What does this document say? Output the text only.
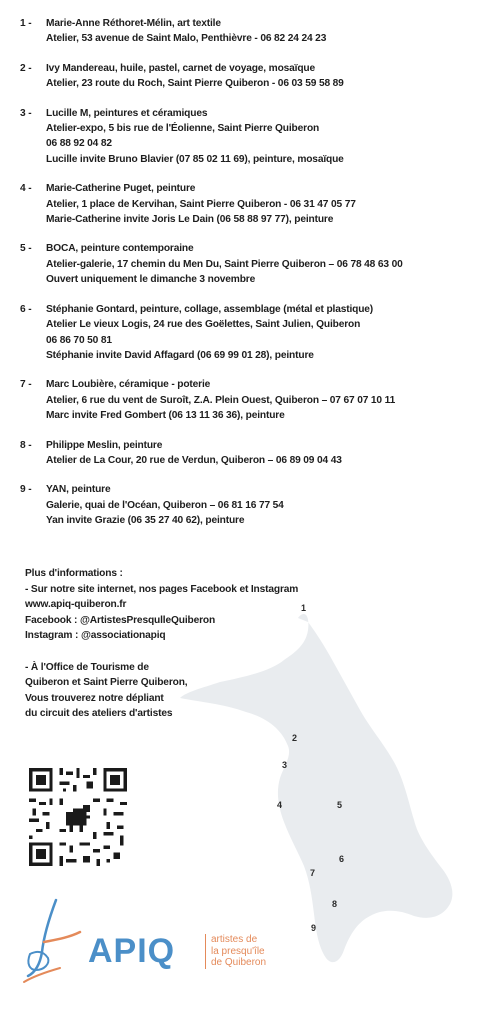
1 -	Marie-Anne Réthoret-Mélin, art textile
Atelier, 53 avenue de Saint Malo, Penthièvre - 06 82 24 24 23
2 -	Ivy Mandereau, huile, pastel, carnet de voyage, mosaïque
Atelier, 23 route du Roch, Saint Pierre Quiberon - 06 03 59 58 89
3 -	Lucille M, peintures et céramiques
Atelier-expo, 5 bis rue de l'Éolienne, Saint Pierre Quiberon
06 88 92 04 82
Lucille invite Bruno Blavier (07 85 02 11 69), peinture, mosaïque
4 -	Marie-Catherine Puget, peinture
Atelier, 1 place de Kervihan, Saint Pierre Quiberon - 06 31 47 05 77
Marie-Catherine invite Joris Le Dain (06 58 88 97 77), peinture
5 -	BOCA, peinture contemporaine
Atelier-galerie, 17 chemin du Men Du, Saint Pierre Quiberon – 06 78 48 63 00
Ouvert uniquement le dimanche 3 novembre
6 -	Stéphanie Gontard, peinture, collage, assemblage (métal et plastique)
Atelier Le vieux Logis, 24 rue des Goëlettes, Saint Julien, Quiberon
06 86 70 50 81
Stéphanie invite David Affagard (06 69 99 01 28), peinture
7 -	Marc Loubière, céramique - poterie
Atelier, 6 rue du vent de Suroît, Z.A. Plein Ouest, Quiberon – 07 67 07 10 11
Marc invite Fred Gombert (06 13 11 36 36), peinture
8 -	Philippe Meslin, peinture
Atelier de La Cour, 20 rue de Verdun, Quiberon – 06 89 09 04 43
9 -	YAN, peinture
Galerie, quai de l'Océan, Quiberon – 06 81 16 77 54
Yan invite Grazie (06 35 27 40 62), peinture
1
2
3
4	5
6
7
8
9
Plus d'informations :
- Sur notre site internet, nos pages Facebook et Instagram
www.apiq-quiberon.fr
Facebook : @ArtistesPresqulleQuiberon
Instagram : @associationapiq
- À l'Office de Tourisme de
Quiberon et Saint Pierre Quiberon,
Vous trouverez notre dépliant
du circuit des ateliers d'artistes
APIQ	artistes de
la presqu'île
de Quiberon
